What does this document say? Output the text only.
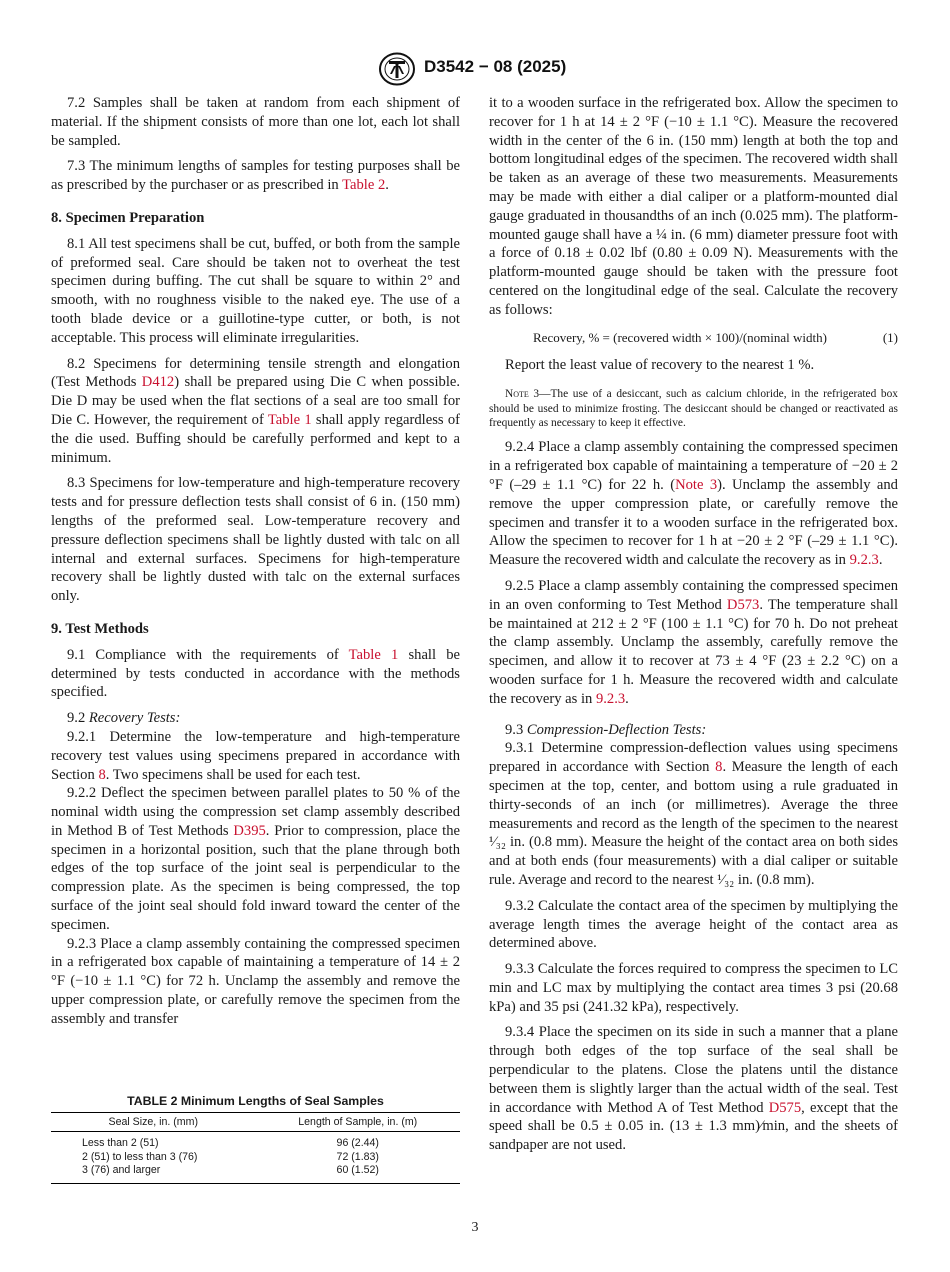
D3542 − 08 (2025)

7.2 Samples shall be taken at random from each shipment of material. If the shipment consists of more than one lot, each lot shall be sampled.

7.3 The minimum lengths of samples for testing purposes shall be as prescribed by the purchaser or as prescribed in Table 2.

8. Specimen Preparation

8.1 All test specimens shall be cut, buffed, or both from the sample of preformed seal. Care should be taken not to overheat the test specimen during buffing. The cut shall be square to within 2° and smooth, with no roughness visible to the naked eye. The use of a tooth blade device or a guillotine-type cutter, or both, is not acceptable. This process will eliminate irregularities.

8.2 Specimens for determining tensile strength and elongation (Test Methods D412) shall be prepared using Die C when possible. Die D may be used when the flat sections of a seal are too small for Die C. However, the requirement of Table 1 shall apply regardless of the die used. Buffing should be carefully performed and kept to a minimum.

8.3 Specimens for low-temperature and high-temperature recovery tests and for pressure deflection tests shall consist of 6 in. (150 mm) lengths of the preformed seal. Low-temperature recovery and pressure deflection specimens shall be lightly dusted with talc on all internal and external surfaces. Specimens for high-temperature recovery shall be lightly dusted with talc on the external surfaces only.

9. Test Methods

9.1 Compliance with the requirements of Table 1 shall be determined by tests conducted in accordance with the methods specified.

9.2 Recovery Tests:

9.2.1 Determine the low-temperature and high-temperature recovery test values using specimens prepared in accordance with Section 8. Two specimens shall be used for each test.

9.2.2 Deflect the specimen between parallel plates to 50 % of the nominal width using the compression set clamp assembly described in Method B of Test Methods D395. Prior to compression, place the specimen in a horizontal position, such that the plane through both edges of the top surface of the joint seal is perpendicular to the compression plate. As the specimen is being compressed, the top surface of the joint seal should fold inward toward the center of the specimen.

9.2.3 Place a clamp assembly containing the compressed specimen in a refrigerated box capable of maintaining a temperature of 14 ± 2 °F (−10 ± 1.1 °C) for 72 h. Unclamp the assembly and remove the upper compression plate, or carefully remove the specimen from the assembly and transfer

TABLE 2 Minimum Lengths of Seal Samples
Seal Size, in. (mm)	Length of Sample, in. (m)
Less than 2 (51)	96 (2.44)
2 (51) to less than 3 (76)	72 (1.83)
3 (76) and larger	60 (1.52)

it to a wooden surface in the refrigerated box. Allow the specimen to recover for 1 h at 14 ± 2 °F (−10 ± 1.1 °C). Measure the recovered width in the center of the 6 in. (150 mm) length at both the top and bottom longitudinal edges of the specimen. The recovered width shall be taken as an average of these two measurements. Measurements may be made with either a dial caliper or a platform-mounted dial gauge graduated in thousandths of an inch (0.025 mm). The platform-mounted gauge shall have a ¼ in. (6 mm) diameter pressure foot with a force of 0.18 ± 0.02 lbf (0.80 ± 0.09 N). Measurements with the platform-mounted gauge should be taken with the pressure foot centered on the longitudinal edge of the seal. Calculate the recovery as follows:

Recovery, % = (recovered width × 100)/(nominal width)	(1)

Report the least value of recovery to the nearest 1 %.

Note 3—The use of a desiccant, such as calcium chloride, in the refrigerated box should be used to minimize frosting. The desiccant should be changed or reactivated as frequently as necessary to keep it effective.

9.2.4 Place a clamp assembly containing the compressed specimen in a refrigerated box capable of maintaining a temperature of −20 ± 2 °F (–29 ± 1.1 °C) for 22 h. (Note 3). Unclamp the assembly and remove the upper compression plate, or carefully remove the specimen and transfer it to a wooden surface in the refrigerated box. Allow the specimen to recover for 1 h at −20 ± 2 °F (–29 ± 1.1 °C). Measure the recovered width and calculate the recovery as in 9.2.3.

9.2.5 Place a clamp assembly containing the compressed specimen in an oven conforming to Test Method D573. The temperature shall be maintained at 212 ± 2 °F (100 ± 1.1 °C) for 70 h. Do not preheat the clamp assembly. Unclamp the assembly, carefully remove the specimen, and allow it to recover at 73 ± 4 °F (23 ± 2.2 °C) on a wooden surface for 1 h. Measure the recovered width and calculate the recovery as in 9.2.3.

9.3 Compression-Deflection Tests:

9.3.1 Determine compression-deflection values using specimens prepared in accordance with Section 8. Measure the length of each specimen at the top, center, and bottom using a rule graduated in thirty-seconds of an inch (or millimetres). Average the three measurements and record as the length of the specimen to the nearest ¹⁄₃₂ in. (0.8 mm). Measure the height of the contact area on both sides and at both ends (four measurements) with a dial caliper or suitable rule. Average and record to the nearest ¹⁄₃₂ in. (0.8 mm).

9.3.2 Calculate the contact area of the specimen by multiplying the average length times the average height of the contact area as determined above.

9.3.3 Calculate the forces required to compress the specimen to LC min and LC max by multiplying the contact area times 3 psi (20.68 kPa) and 35 psi (241.32 kPa), respectively.

9.3.4 Place the specimen on its side in such a manner that a plane through both edges of the top surface of the seal shall be perpendicular to the platens. Close the platens until the distance between them is slightly larger than the actual width of the seal. Test in accordance with Method A of Test Method D575, except that the speed shall be 0.5 ± 0.05 in. (13 ± 1.3 mm)⁄min, and the sheets of sandpaper are not used.

3
